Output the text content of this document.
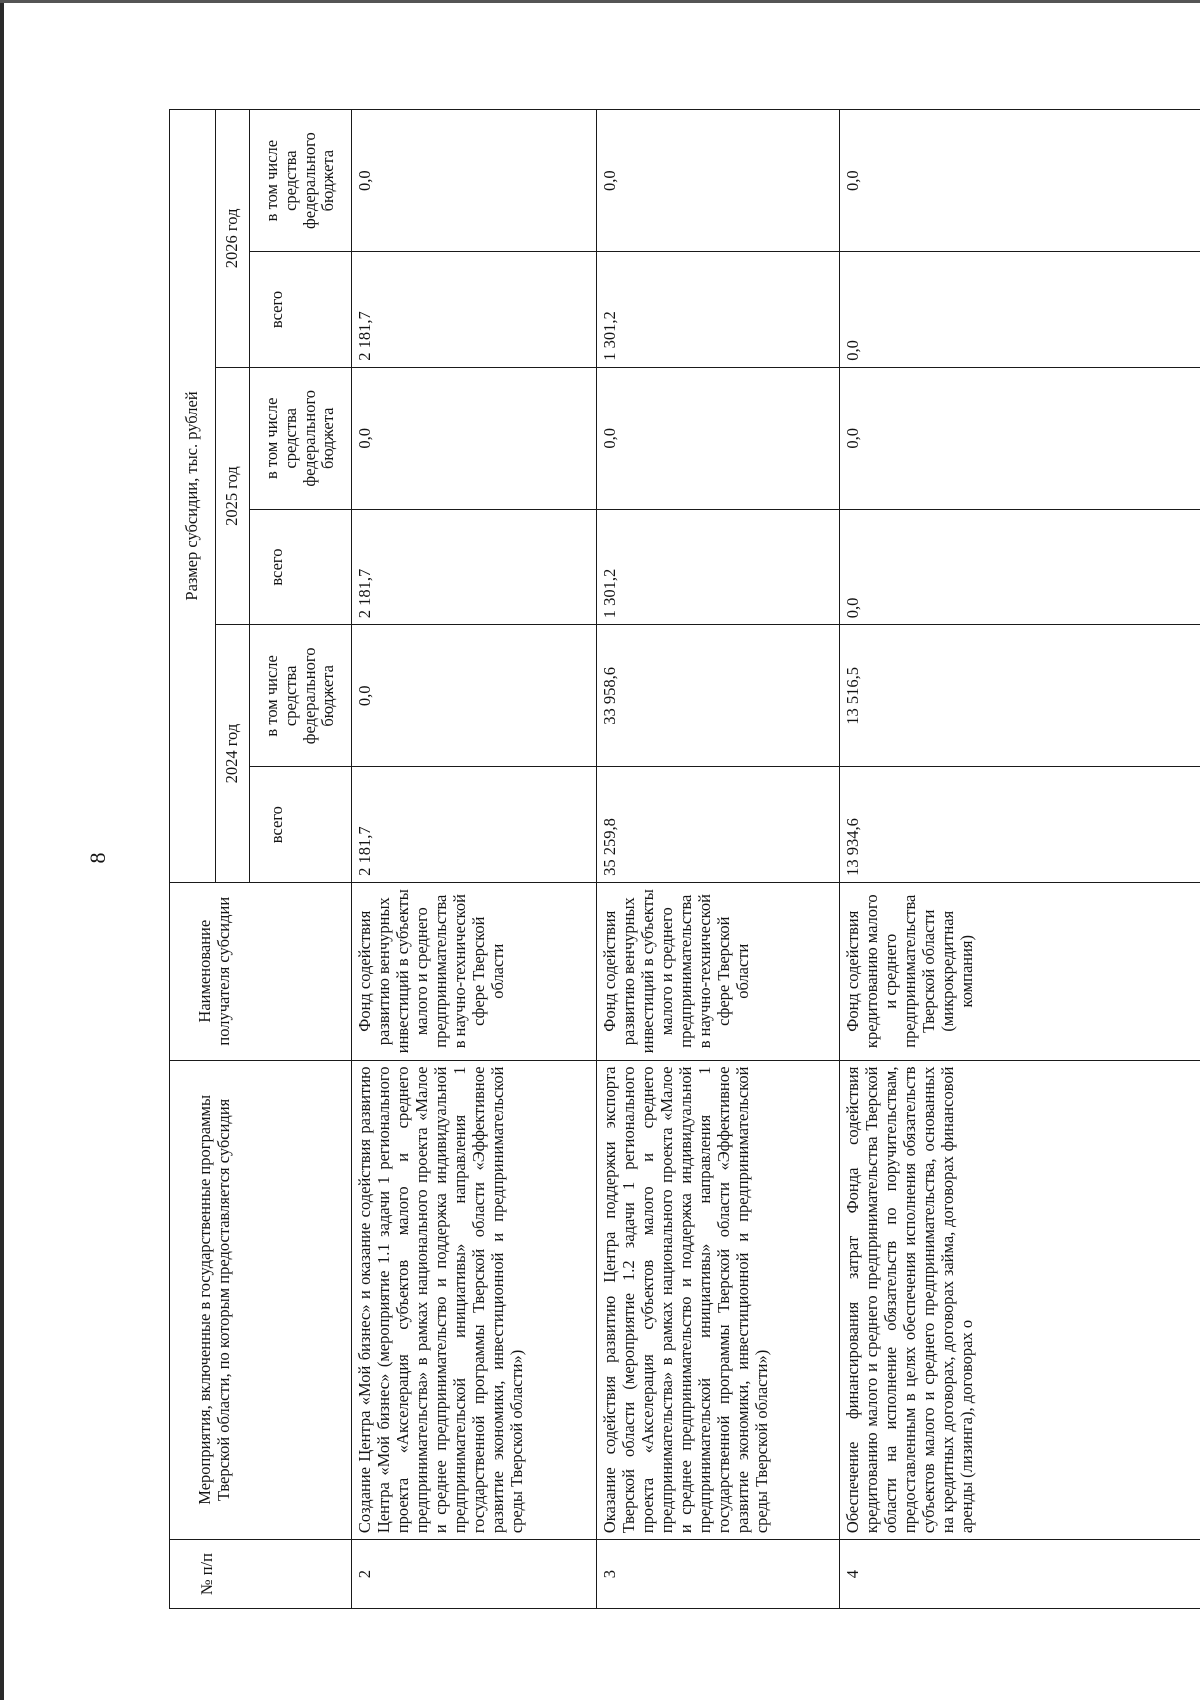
8
№ п/п	Мероприятия, включенные в государственные программы Тверской области, по которым предоставляется субсидия	Наименование получателя субсидии	Размер субсидии, тыс. рублей					
			2024 год		2025 год		2026 год	
			всего	в том числе средства федерального бюджета	всего	в том числе средства федерального бюджета	всего	в том числе средства федерального бюджета
2	Создание Центра «Мой бизнес» и оказание содействия развитию Центра «Мой бизнес» (мероприятие 1.1 задачи 1 регионального проекта «Акселерация субъектов малого и среднего предпринимательства» в рамках национального проекта «Малое и среднее предпринимательство и поддержка индивидуальной предпринимательской инициативы» направления 1 государственной программы Тверской области «Эффективное развитие экономики, инвестиционной и предпринимательской среды Тверской области»)	Фонд содействия развитию венчурных инвестиций в субъекты малого и среднего предпринимательства в научно-технической сфере Тверской области	2 181,7	0,0	2 181,7	0,0	2 181,7	0,0
3	Оказание содействия развитию Центра поддержки экспорта Тверской области (мероприятие 1.2 задачи 1 регионального проекта «Акселерация субъектов малого и среднего предпринимательства» в рамках национального проекта «Малое и среднее предпринимательство и поддержка индивидуальной предпринимательской инициативы» направления 1 государственной программы Тверской области «Эффективное развитие экономики, инвестиционной и предпринимательской среды Тверской области»)	Фонд содействия развитию венчурных инвестиций в субъекты малого и среднего предпринимательства в научно-технической сфере Тверской области	35 259,8	33 958,6	1 301,2	0,0	1 301,2	0,0
4	Обеспечение финансирования затрат Фонда содействия кредитованию малого и среднего предпринимательства Тверской области на исполнение обязательств по поручительствам, предоставленным в целях обеспечения исполнения обязательств субъектов малого и среднего предпринимательства, основанных на кредитных договорах, договорах займа, договорах финансовой аренды (лизинга), договорах о	Фонд содействия кредитованию малого и среднего предпринимательства Тверской области (микрокредитная компания)	13 934,6	13 516,5	0,0	0,0	0,0	0,0
